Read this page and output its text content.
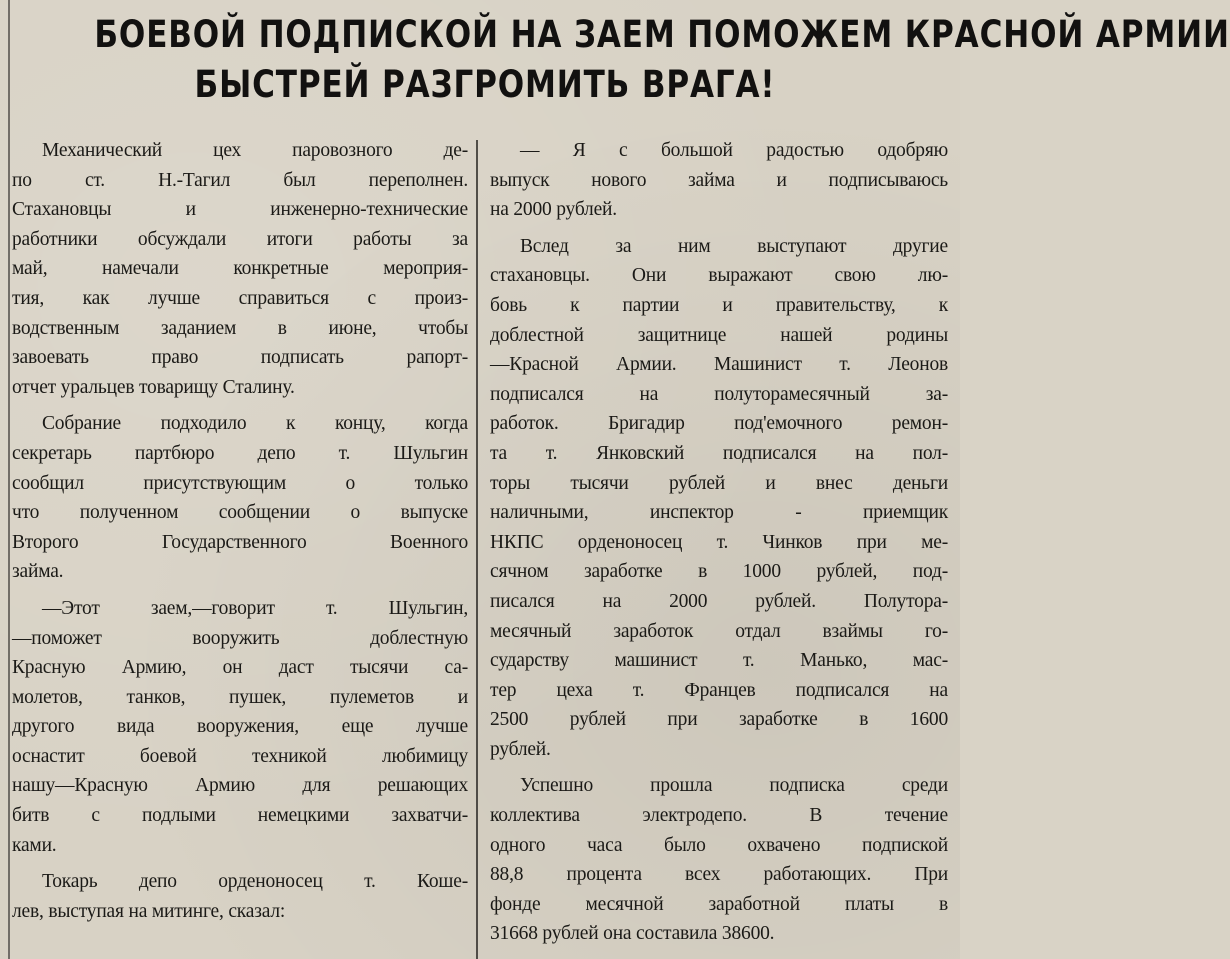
БОЕВОЙ ПОДПИСКОЙ НА ЗАЕМ ПОМОЖЕМ КРАСНОЙ АРМИИ
БЫСТРЕЙ РАЗГРОМИТЬ ВРАГА!
Механический цех паровозного де-
по ст. Н.-Тагил был переполнен.
Стахановцы и инженерно-технические
работники обсуждали итоги работы за
май, намечали конкретные мероприя-
тия, как лучше справиться с произ-
водственным заданием в июне, чтобы
завоевать право подписать рапорт-
отчет уральцев товарищу Сталину.
Собрание подходило к концу, когда
секретарь партбюро депо т. Шульгин
сообщил присутствующим о только
что полученном сообщении о выпуске
Второго Государственного Военного
займа.
—Этот заем,—говорит т. Шульгин,
—поможет вооружить доблестную
Красную Армию, он даст тысячи са-
молетов, танков, пушек, пулеметов и
другого вида вооружения, еще лучше
оснастит боевой техникой любимицу
нашу—Красную Армию для решающих
битв с подлыми немецкими захватчи-
ками.
Токарь депо орденоносец т. Коше-
лев, выступая на митинге, сказал:
— Я с большой радостью одобряю
выпуск нового займа и подписываюсь
на 2000 рублей.
Вслед за ним выступают другие
стахановцы. Они выражают свою лю-
бовь к партии и правительству, к
доблестной защитнице нашей родины
—Красной Армии. Машинист т. Леонов
подписался на полуторамесячный за-
работок. Бригадир под'емочного ремон-
та т. Янковский подписался на пол-
торы тысячи рублей и внес деньги
наличными, инспектор - приемщик
НКПС орденоносец т. Чинков при ме-
сячном заработке в 1000 рублей, под-
писался на 2000 рублей. Полутора-
месячный заработок отдал взаймы го-
сударству машинист т. Манько, мас-
тер цеха т. Францев подписался на
2500 рублей при заработке в 1600
рублей.
Успешно прошла подписка среди
коллектива электродепо. В течение
одного часа было охвачено подпиской
88,8 процента всех работающих. При
фонде месячной заработной платы в
31668 рублей она составила 38600.
